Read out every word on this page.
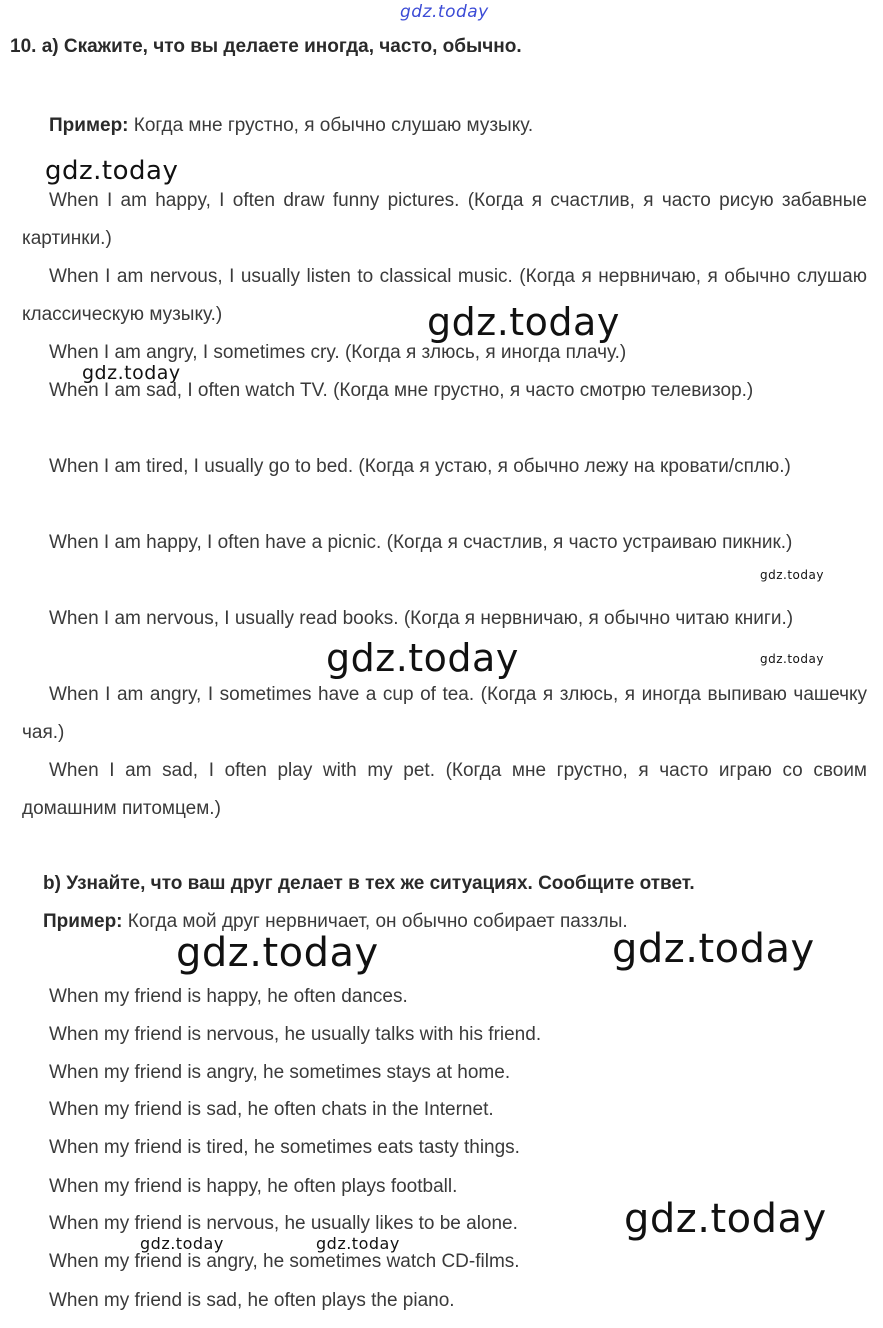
gdz.today
10. a) Скажите, что вы делаете иногда, часто, обычно.
Пример: Когда мне грустно, я обычно слушаю музыку.

When I am happy, I often draw funny pictures. (Когда я счастлив, я часто рисую забавные картинки.)

When I am nervous, I usually listen to classical music. (Когда я нервничаю, я обычно слушаю классическую музыку.)

When I am angry, I sometimes cry. (Когда я злюсь, я иногда плачу.)

When I am sad, I often watch TV. (Когда мне грустно, я часто смотрю телевизор.)

When I am tired, I usually go to bed. (Когда я устаю, я обычно лежу на кровати/сплю.)

When I am happy, I often have a picnic. (Когда я счастлив, я часто устраиваю пикник.)

When I am nervous, I usually read books. (Когда я нервничаю, я обычно читаю книги.)

When I am angry, I sometimes have a cup of tea. (Когда я злюсь, я иногда выпиваю чашечку чая.)

When I am sad, I often play with my pet. (Когда мне грустно, я часто играю со своим домашним питомцем.)

b) Узнайте, что ваш друг делает в тех же ситуациях. Сообщите ответ.
Пример: Когда мой друг нервничает, он обычно собирает паззлы.
When my friend is happy, he often dances.
When my friend is nervous, he usually talks with his friend.
When my friend is angry, he sometimes stays at home.
When my friend is sad, he often chats in the Internet.
When my friend is tired, he sometimes eats tasty things.
When my friend is happy, he often plays football.
When my friend is nervous, he usually likes to be alone.
When my friend is angry, he sometimes watch CD-films.
When my friend is sad, he often plays the piano.
gdz.today
gdz.today
gdz.today
gdz.today
gdz.today	gdz.today
gdz.today	gdz.today
gdz.today
gdz.today	gdz.today
